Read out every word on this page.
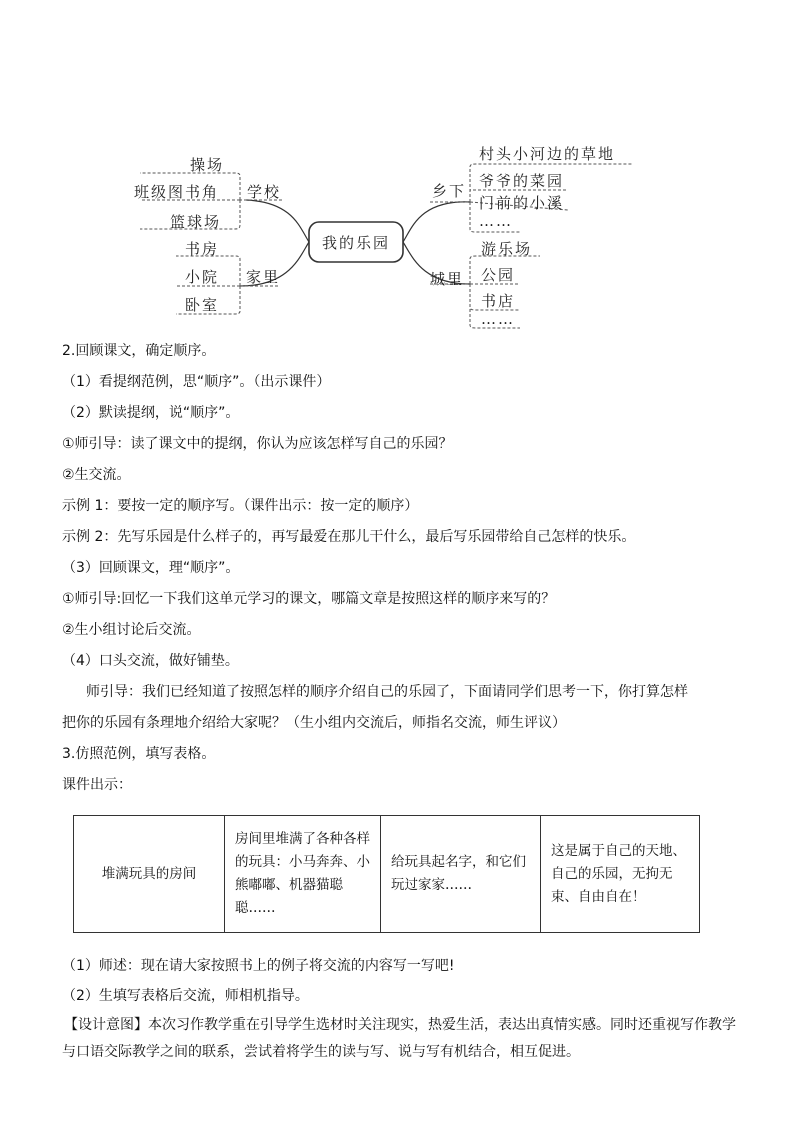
我的乐园
学校
操场
班级图书角
篮球场
家里
书房
小院
卧室
乡下
村头小河边的草地
爷爷的菜园
门前的小溪
……
城里
游乐场
公园
书店
……
2.回顾课文，确定顺序。
（1）看提纲范例，思“顺序”。（出示课件）
（2）默读提纲，说“顺序”。
①师引导：读了课文中的提纲，你认为应该怎样写自己的乐园？
②生交流。
示例 1：要按一定的顺序写。（课件出示：按一定的顺序）
示例 2：先写乐园是什么样子的，再写最爱在那儿干什么，最后写乐园带给自己怎样的快乐。
（3）回顾课文，理“顺序”。
①师引导:回忆一下我们这单元学习的课文，哪篇文章是按照这样的顺序来写的？
②生小组讨论后交流。
（4）口头交流，做好铺垫。
师引导：我们已经知道了按照怎样的顺序介绍自己的乐园了，下面请同学们思考一下，你打算怎样
把你的乐园有条理地介绍给大家呢？（生小组内交流后，师指名交流，师生评议）
3.仿照范例，填写表格。
课件出示：
堆满玩具的房间	房间里堆满了各种各样的玩具：小马奔奔、小熊嘟嘟、机器猫聪聪……	给玩具起名字，和它们玩过家家……	这是属于自己的天地、自己的乐园，无拘无束、自由自在！
（1）师述：现在请大家按照书上的例子将交流的内容写一写吧!
（2）生填写表格后交流，师相机指导。
【设计意图】本次习作教学重在引导学生选材时关注现实，热爱生活，表达出真情实感。同时还重视写作教学与口语交际教学之间的联系，尝试着将学生的读与写、说与写有机结合，相互促进。
